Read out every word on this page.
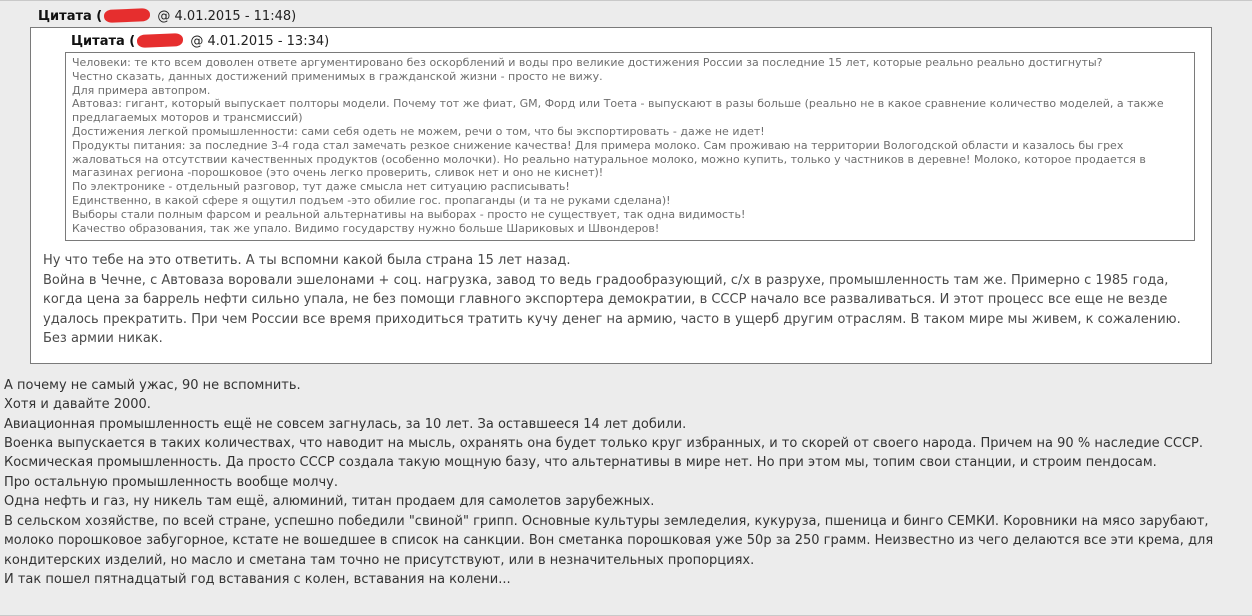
Цитата (	@ 4.01.2015 - 11:48)
Цитата (	@ 4.01.2015 - 13:34)

Человеки: те кто всем доволен ответе аргументировано без оскорблений и воды про великие достижения России за последние 15 лет, которые реально реально достигнуты?

Честно сказать, данных достижений применимых в гражданской жизни - просто не вижу.

Для примера автопром.

Автоваз: гигант, который выпускает полторы модели. Почему тот же фиат, GM, Форд или Тоета - выпускают в разы больше (реально не в какое сравнение количество моделей, а также предлагаемых моторов и трансмиссий)

Достижения легкой промышленности: сами себя одеть не можем, речи о том, что бы экспортировать - даже не идет!

Продукты питания: за последние 3-4 года стал замечать резкое снижение качества! Для примера молоко. Сам проживаю на территории Вологодской области и казалось бы грех жаловаться на отсутствии качественных продуктов (особенно молочки). Но реально натуральное молоко, можно купить, только у частников в деревне! Молоко, которое продается в магазинах региона -порошковое (это очень легко проверить, сливок нет и оно не киснет)!

По электронике - отдельный разговор, тут даже смысла нет ситуацию расписывать!

Единственно, в какой сфере я ощутил подъем -это обилие гос. пропаганды (и та не руками сделана)!

Выборы стали полным фарсом и реальной альтернативы на выборах - просто не существует, так одна видимость!

Качество образования, так же упало. Видимо государству нужно больше Шариковых и Швондеров!

Ну что тебе на это ответить. А ты вспомни какой была страна 15 лет назад.

Война в Чечне, с Автоваза воровали эшелонами + соц. нагрузка, завод то ведь градообразующий, с/х в разрухе, промышленность там же. Примерно с 1985 года, когда цена за баррель нефти сильно упала, не без помощи главного экспортера демократии, в СССР начало все разваливаться. И этот процесс все еще не везде удалось прекратить. При чем России все время приходиться тратить кучу денег на армию, часто в ущерб другим отраслям. В таком мире мы живем, к сожалению. Без армии никак.

А почему не самый ужас, 90 не вспомнить.

Хотя и давайте 2000.

Авиационная промышленность ещё не совсем загнулась, за 10 лет. За оставшееся 14 лет добили.

Военка выпускается в таких количествах, что наводит на мысль, охранять она будет только круг избранных, и то скорей от своего народа. Причем на 90 % наследие СССР.

Космическая промышленность. Да просто СССР создала такую мощную базу, что альтернативы в мире нет. Но при этом мы, топим свои станции, и строим пендосам.

Про остальную промышленность вообще молчу.

Одна нефть и газ, ну никель там ещё, алюминий, титан продаем для самолетов зарубежных.

В сельском хозяйстве, по всей стране, успешно победили "свиной" грипп. Основные культуры земледелия, кукуруза, пшеница и бинго СЕМКИ. Коровники на мясо зарубают, молоко порошковое забугорное, кстате не вошедшее в список на санкции. Вон сметанка порошковая уже 50р за 250 грамм. Неизвестно из чего делаются все эти крема, для кондитерских изделий, но масло и сметана там точно не присутствуют, или в незначительных пропорциях.

И так пошел пятнадцатый год вставания с колен, вставания на колени...
